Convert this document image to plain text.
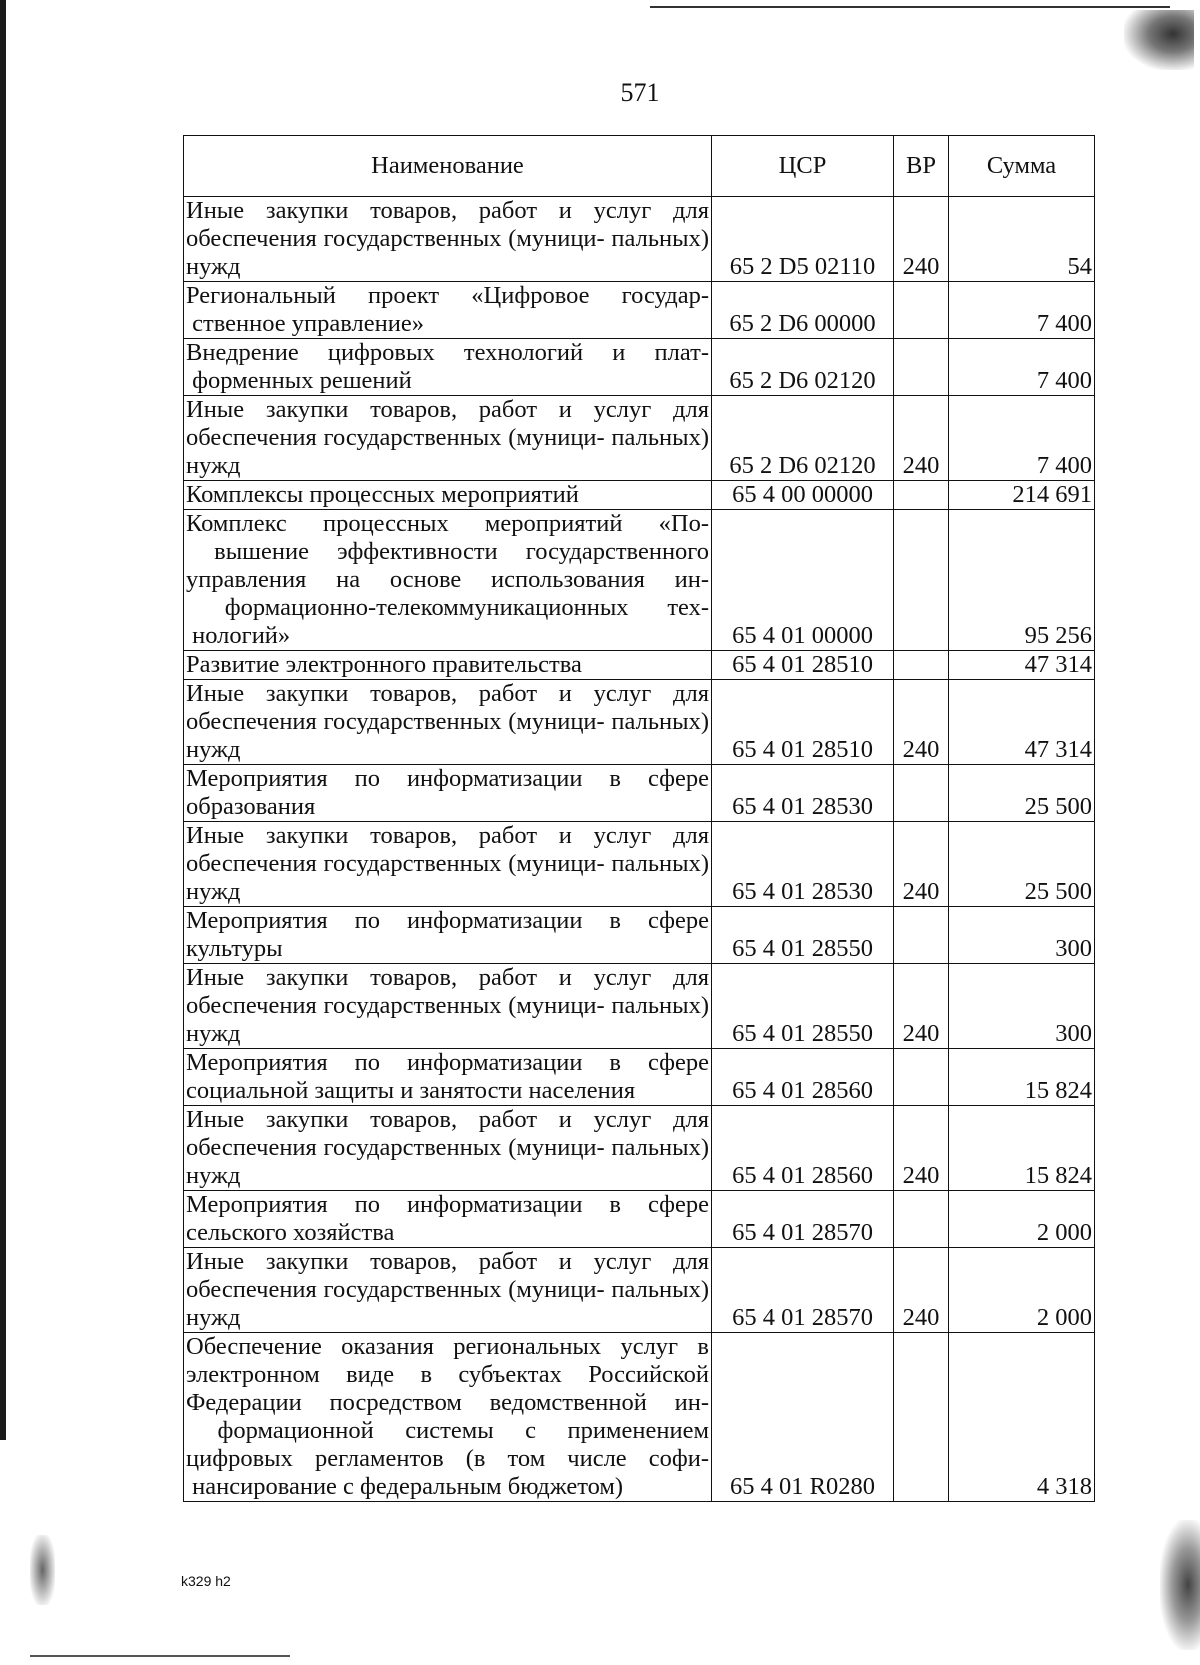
571
Наименование	ЦСР	ВР	Сумма
Иные закупки товаров, работ и услуг для обеспечения государственных (муници- пальных) нужд	65 2 D5 02110	240	54
Региональный проект «Цифровое государ- ственное управление»	65 2 D6 00000		7 400
Внедрение цифровых технологий и плат- форменных решений	65 2 D6 02120		7 400
Иные закупки товаров, работ и услуг для обеспечения государственных (муници- пальных) нужд	65 2 D6 02120	240	7 400
Комплексы процессных мероприятий	65 4 00 00000		214 691
Комплекс процессных мероприятий «По- вышение эффективности государственного управления на основе использования ин- формационно-телекоммуникационных тех- нологий»	65 4 01 00000		95 256
Развитие электронного правительства	65 4 01 28510		47 314
Иные закупки товаров, работ и услуг для обеспечения государственных (муници- пальных) нужд	65 4 01 28510	240	47 314
Мероприятия по информатизации в сфере образования	65 4 01 28530		25 500
Иные закупки товаров, работ и услуг для обеспечения государственных (муници- пальных) нужд	65 4 01 28530	240	25 500
Мероприятия по информатизации в сфере культуры	65 4 01 28550		300
Иные закупки товаров, работ и услуг для обеспечения государственных (муници- пальных) нужд	65 4 01 28550	240	300
Мероприятия по информатизации в сфере социальной защиты и занятости населения	65 4 01 28560		15 824
Иные закупки товаров, работ и услуг для обеспечения государственных (муници- пальных) нужд	65 4 01 28560	240	15 824
Мероприятия по информатизации в сфере сельского хозяйства	65 4 01 28570		2 000
Иные закупки товаров, работ и услуг для обеспечения государственных (муници- пальных) нужд	65 4 01 28570	240	2 000
Обеспечение оказания региональных услуг в электронном виде в субъектах Российской Федерации посредством ведомственной ин- формационной системы с применением цифровых регламентов (в том числе софи- нансирование с федеральным бюджетом)	65 4 01 R0280		4 318
k329 h2
